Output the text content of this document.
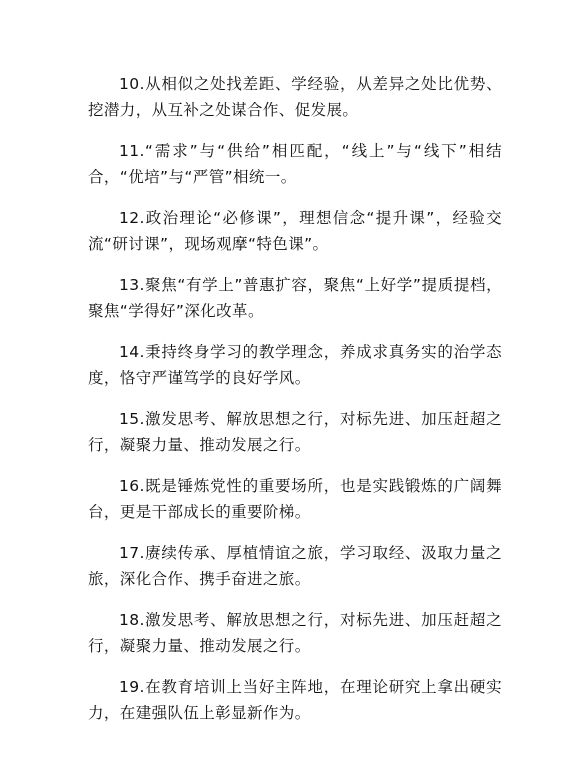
10.从相似之处找差距、学经验，从差异之处比优势、挖潜力，从互补之处谋合作、促发展。

11.“需求”与“供给”相匹配，“线上”与“线下”相结合，“优培”与“严管”相统一。

12.政治理论“必修课”，理想信念“提升课”，经验交流“研讨课”，现场观摩“特色课”。

13.聚焦“有学上”普惠扩容，聚焦“上好学”提质提档，聚焦“学得好”深化改革。

14.秉持终身学习的教学理念，养成求真务实的治学态度，恪守严谨笃学的良好学风。

15.激发思考、解放思想之行，对标先进、加压赶超之行，凝聚力量、推动发展之行。

16.既是锤炼党性的重要场所，也是实践锻炼的广阔舞台，更是干部成长的重要阶梯。

17.赓续传承、厚植情谊之旅，学习取经、汲取力量之旅，深化合作、携手奋进之旅。

18.激发思考、解放思想之行，对标先进、加压赶超之行，凝聚力量、推动发展之行。

19.在教育培训上当好主阵地，在理论研究上拿出硬实力，在建强队伍上彰显新作为。
